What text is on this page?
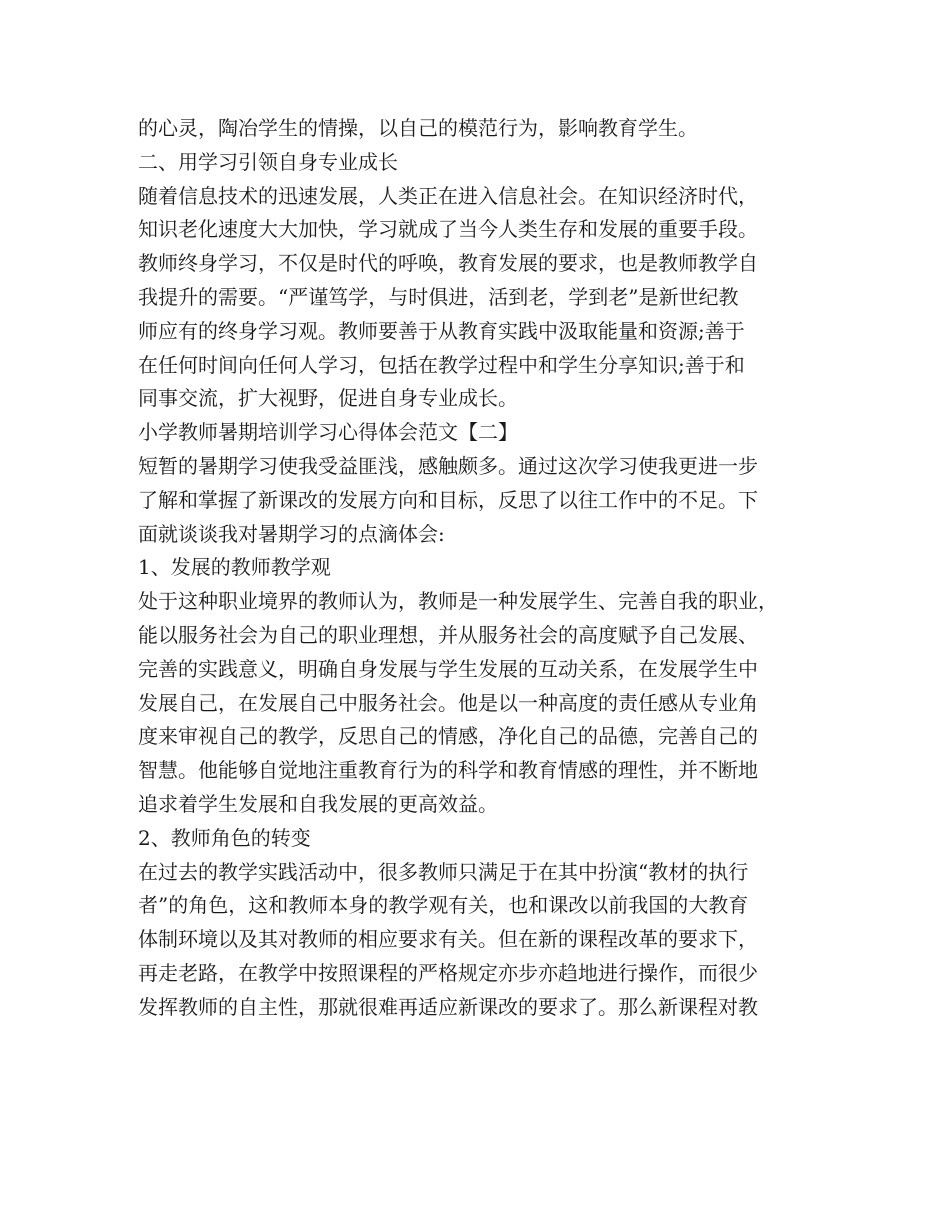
的心灵，陶冶学生的情操，以自己的模范行为，影响教育学生。
二、用学习引领自身专业成长
随着信息技术的迅速发展，人类正在进入信息社会。在知识经济时代，
知识老化速度大大加快，学习就成了当今人类生存和发展的重要手段。
教师终身学习，不仅是时代的呼唤，教育发展的要求，也是教师教学自
我提升的需要。“严谨笃学，与时俱进，活到老，学到老”是新世纪教
师应有的终身学习观。教师要善于从教育实践中汲取能量和资源;善于
在任何时间向任何人学习，包括在教学过程中和学生分享知识;善于和
同事交流，扩大视野，促进自身专业成长。
小学教师暑期培训学习心得体会范文【二】
短暂的暑期学习使我受益匪浅，感触颇多。通过这次学习使我更进一步
了解和掌握了新课改的发展方向和目标，反思了以往工作中的不足。下
面就谈谈我对暑期学习的点滴体会:
1、发展的教师教学观
处于这种职业境界的教师认为，教师是一种发展学生、完善自我的职业，
能以服务社会为自己的职业理想，并从服务社会的高度赋予自己发展、
完善的实践意义，明确自身发展与学生发展的互动关系，在发展学生中
发展自己，在发展自己中服务社会。他是以一种高度的责任感从专业角
度来审视自己的教学，反思自己的情感，净化自己的品德，完善自己的
智慧。他能够自觉地注重教育行为的科学和教育情感的理性，并不断地
追求着学生发展和自我发展的更高效益。
2、教师角色的转变
在过去的教学实践活动中，很多教师只满足于在其中扮演“教材的执行
者”的角色，这和教师本身的教学观有关，也和课改以前我国的大教育
体制环境以及其对教师的相应要求有关。但在新的课程改革的要求下，
再走老路，在教学中按照课程的严格规定亦步亦趋地进行操作，而很少
发挥教师的自主性，那就很难再适应新课改的要求了。那么新课程对教
